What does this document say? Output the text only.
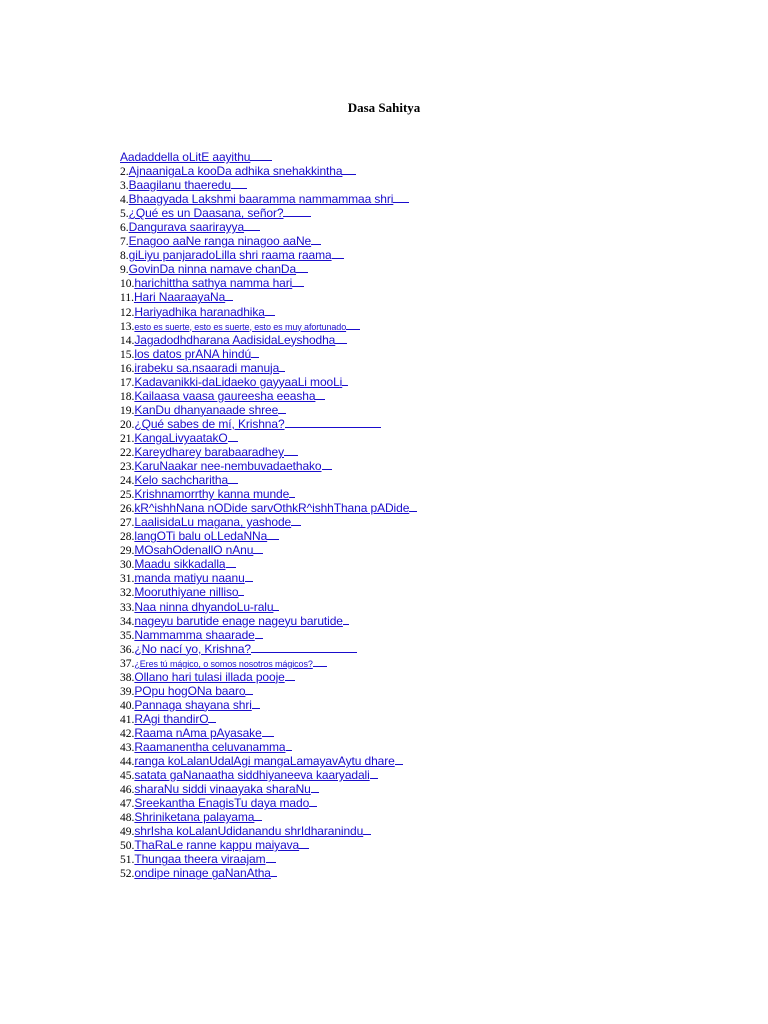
Dasa Sahitya
Aadaddella oLitE aayithu
2.AjnaanigaLa kooDa adhika snehakkintha
3.Baagilanu thaeredu
4.Bhaagyada Lakshmi baaramma nammammaa shri
5.¿Qué es un Daasana, señor?
6.Dangurava saarirayya
7.Enagoo aaNe ranga ninagoo aaNe
8.giLiyu panjaradoLilla shri raama raama
9.GovinDa ninna namave chanDa
10.harichittha sathya namma hari
11.Hari NaaraayaNa
12.Hariyadhika haranadhika
13.esto es suerte, esto es suerte, esto es muy afortunado
14.Jagadodhdharana AadisidaLeyshodha
15.los datos prANA hindú
16.irabeku sa.nsaaradi manuja
17.Kadavanikki-daLidaeko gayyaaLi mooLi
18.Kailaasa vaasa gaureesha eeasha
19.KanDu dhanyanaade shree
20.¿Qué sabes de mí, Krishna?
21.KangaLivyaatakO
22.Kareydharey barabaaradhey
23.KaruNaakar nee-nembuvadaethako
24.Kelo sachcharitha
25.Krishnamorrthy kanna munde
26.kR^ishhNana nODide sarvOthkR^ishhThana pADide
27.LaalisidaLu magana, yashode
28.langOTi balu oLLedaNNa
29.MOsahOdenallO nAnu
30.Maadu sikkadalla
31.manda matiyu naanu
32.Mooruthiyane nilliso
33.Naa ninna dhyandoLu-ralu
34.nageyu barutide enage nageyu barutide
35.Nammamma shaarade
36.¿No nací yo, Krishna?
37.¿Eres tú mágico, o somos nosotros mágicos?
38.Ollano hari tulasi illada pooje
39.POpu hogONa baaro
40.Pannaga shayana shri
41.RAgi thandirO
42.Raama nAma pAyasake
43.Raamanentha celuvanamma
44.ranga koLalanUdalAgi mangaLamayavAytu dhare
45.satata gaNanaatha siddhiyaneeva kaaryadali
46.sharaNu siddi vinaayaka sharaNu
47.Sreekantha EnagisTu daya mado
48.Shriniketana palayama
49.shrIsha koLalanUdidanandu shrIdharanindu
50.ThaRaLe ranne kappu maiyava
51.Thungaa theera viraajam
52.ondipe ninage gaNanAtha
